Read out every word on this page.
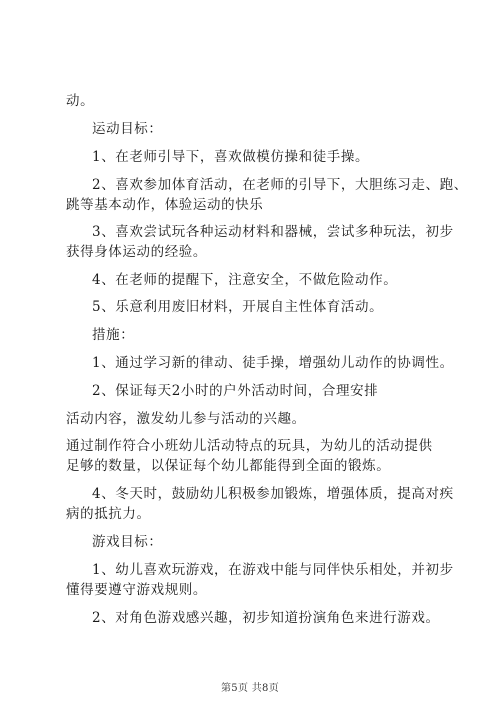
动。
运动目标：
1、在老师引导下，喜欢做模仿操和徒手操。
2、喜欢参加体育活动，在老师的引导下，大胆练习走、跑、
跳等基本动作，体验运动的快乐
3、喜欢尝试玩各种运动材料和器械，尝试多种玩法，初步
获得身体运动的经验。
4、在老师的提醒下，注意安全，不做危险动作。
5、乐意利用废旧材料，开展自主性体育活动。
措施：
1、通过学习新的律动、徒手操，增强幼儿动作的协调性。
2、保证每天2小时的户外活动时间，合理安排
活动内容，激发幼儿参与活动的兴趣。
通过制作符合小班幼儿活动特点的玩具，为幼儿的活动提供
足够的数量，以保证每个幼儿都能得到全面的锻炼。
4、冬天时，鼓励幼儿积极参加锻炼，增强体质，提高对疾
病的抵抗力。
游戏目标：
1、幼儿喜欢玩游戏，在游戏中能与同伴快乐相处，并初步
懂得要遵守游戏规则。
2、对角色游戏感兴趣，初步知道扮演角色来进行游戏。
第5页 共8页
